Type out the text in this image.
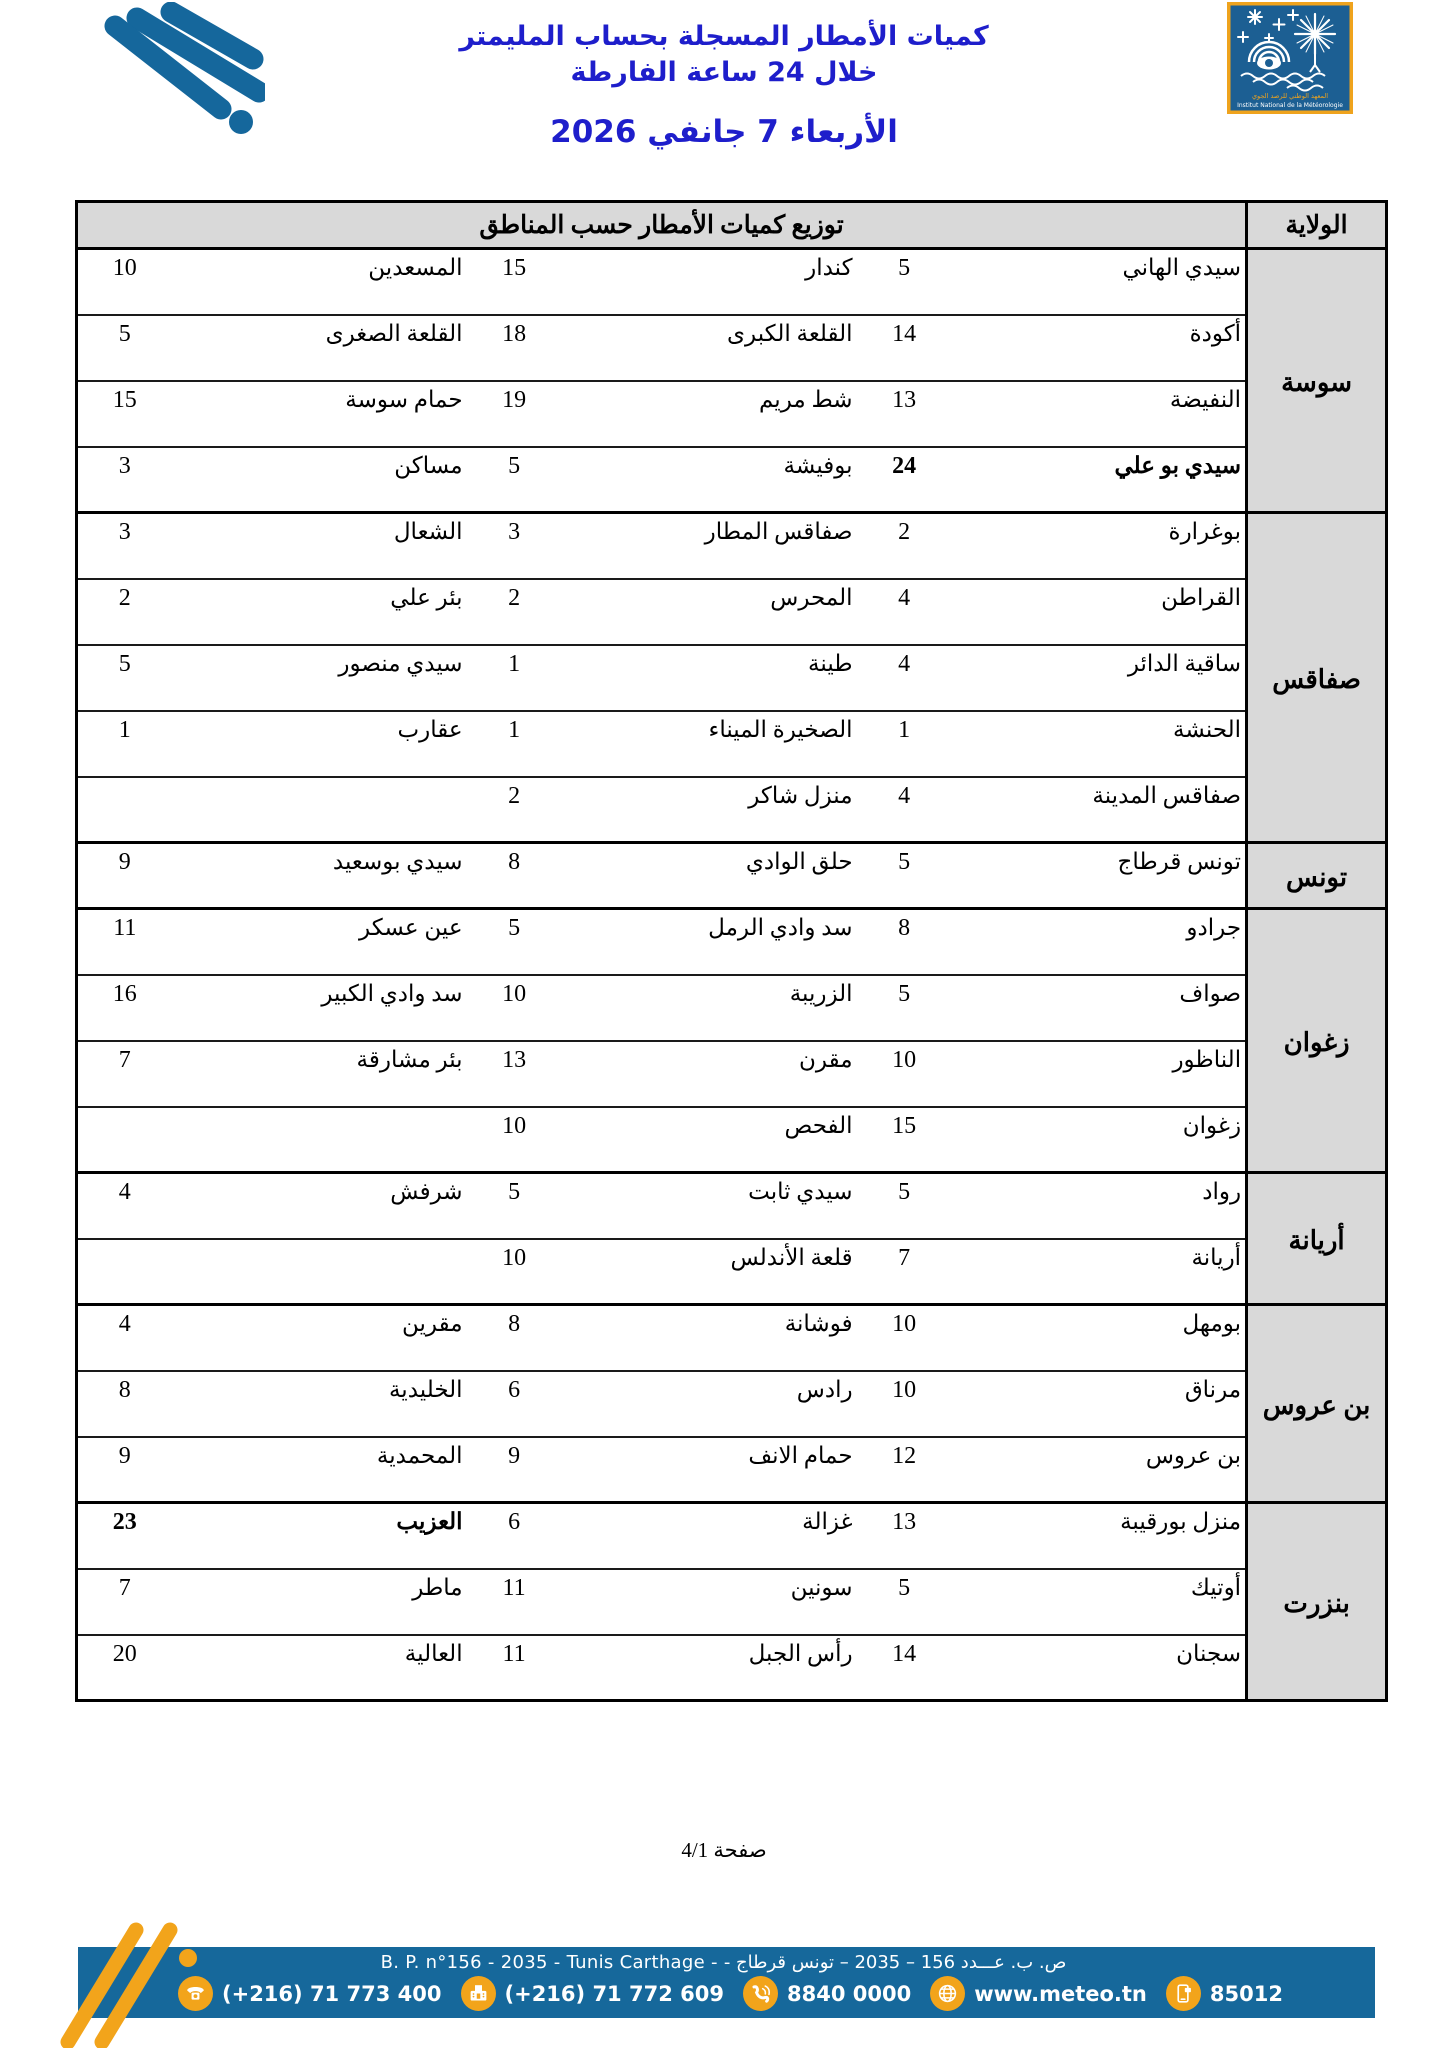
كميات الأمطار المسجلة بحساب المليمتر
خلال 24 ساعة الفارطة
الأربعاء 7 جانفي 2026
المعهد الوطني للرصد الجوي
Institut National de la Météorologie
الولاية	توزيع كميات الأمطار حسب المناطق					
سوسة	سيدي الهاني	5	كندار	15	المسعدين	10
	أكودة	14	القلعة الكبرى	18	القلعة الصغرى	5
	النفيضة	13	شط مريم	19	حمام سوسة	15
	سيدي بو علي	24	بوفيشة	5	مساكن	3
صفاقس	بوغرارة	2	صفاقس المطار	3	الشعال	3
	القراطن	4	المحرس	2	بئر علي	2
	ساقية الدائر	4	طينة	1	سيدي منصور	5
	الحنشة	1	الصخيرة الميناء	1	عقارب	1
	صفاقس المدينة	4	منزل شاكر	2		
تونس	تونس قرطاج	5	حلق الوادي	8	سيدي بوسعيد	9
زغوان	جرادو	8	سد وادي الرمل	5	عين عسكر	11
	صواف	5	الزريبة	10	سد وادي الكبير	16
	الناظور	10	مقرن	13	بئر مشارقة	7
	زغوان	15	الفحص	10		
أريانة	رواد	5	سيدي ثابت	5	شرفش	4
	أريانة	7	قلعة الأندلس	10		
بن عروس	بومهل	10	فوشانة	8	مقرين	4
	مرناق	10	رادس	6	الخليدية	8
	بن عروس	12	حمام الانف	9	المحمدية	9
بنزرت	منزل بورقيبة	13	غزالة	6	العزيب	23
	أوتيك	5	سونين	11	ماطر	7
	سجنان	14	رأس الجبل	11	العالية	20
صفحة 4/1
B. P. n°156 - 2035 - Tunis Carthage - ص. ب. عـــدد 156 – 2035 – تونس قرطاج -
(+216) 71 773 400	(+216) 71 772 609	8840 0000	www.meteo.tn	85012
